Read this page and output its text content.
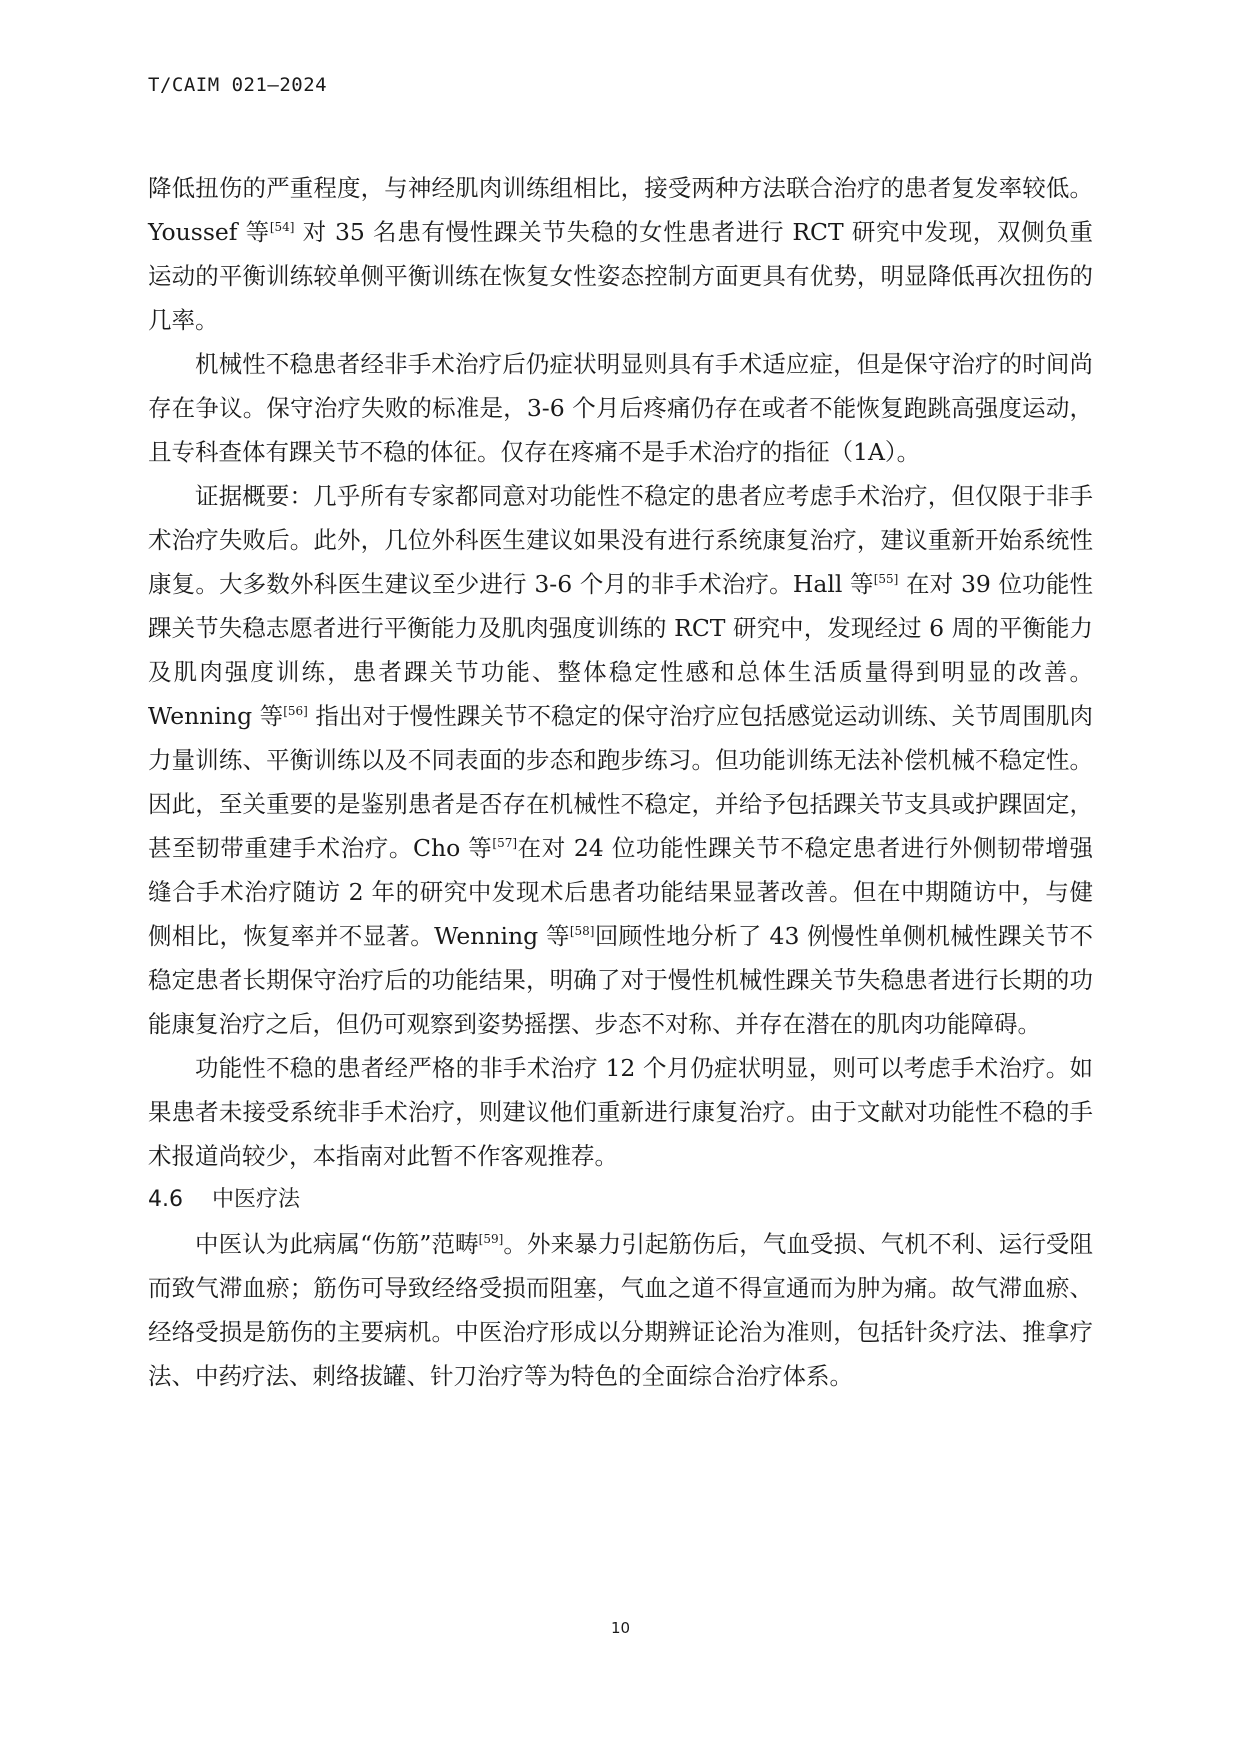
T/CAIM 021—2024

降低扭伤的严重程度，与神经肌肉训练组相比，接受两种方法联合治疗的患者复发率较低。Youssef 等[54] 对 35 名患有慢性踝关节失稳的女性患者进行 RCT 研究中发现，双侧负重运动的平衡训练较单侧平衡训练在恢复女性姿态控制方面更具有优势，明显降低再次扭伤的几率。

机械性不稳患者经非手术治疗后仍症状明显则具有手术适应症，但是保守治疗的时间尚存在争议。保守治疗失败的标准是，3-6 个月后疼痛仍存在或者不能恢复跑跳高强度运动，且专科查体有踝关节不稳的体征。仅存在疼痛不是手术治疗的指征（1A）。

证据概要：几乎所有专家都同意对功能性不稳定的患者应考虑手术治疗，但仅限于非手术治疗失败后。此外，几位外科医生建议如果没有进行系统康复治疗，建议重新开始系统性康复。大多数外科医生建议至少进行 3-6 个月的非手术治疗。Hall 等[55] 在对 39 位功能性踝关节失稳志愿者进行平衡能力及肌肉强度训练的 RCT 研究中，发现经过 6 周的平衡能力及肌肉强度训练，患者踝关节功能、整体稳定性感和总体生活质量得到明显的改善。Wenning 等[56] 指出对于慢性踝关节不稳定的保守治疗应包括感觉运动训练、关节周围肌肉力量训练、平衡训练以及不同表面的步态和跑步练习。但功能训练无法补偿机械不稳定性。因此，至关重要的是鉴别患者是否存在机械性不稳定，并给予包括踝关节支具或护踝固定，甚至韧带重建手术治疗。Cho 等[57]在对 24 位功能性踝关节不稳定患者进行外侧韧带增强缝合手术治疗随访 2 年的研究中发现术后患者功能结果显著改善。但在中期随访中，与健侧相比，恢复率并不显著。Wenning 等[58]回顾性地分析了 43 例慢性单侧机械性踝关节不稳定患者长期保守治疗后的功能结果，明确了对于慢性机械性踝关节失稳患者进行长期的功能康复治疗之后，但仍可观察到姿势摇摆、步态不对称、并存在潜在的肌肉功能障碍。

功能性不稳的患者经严格的非手术治疗 12 个月仍症状明显，则可以考虑手术治疗。如果患者未接受系统非手术治疗，则建议他们重新进行康复治疗。由于文献对功能性不稳的手术报道尚较少，本指南对此暂不作客观推荐。

4.6 中医疗法

中医认为此病属“伤筋”范畴[59]。外来暴力引起筋伤后，气血受损、气机不利、运行受阻而致气滞血瘀；筋伤可导致经络受损而阻塞，气血之道不得宣通而为肿为痛。故气滞血瘀、经络受损是筋伤的主要病机。中医治疗形成以分期辨证论治为准则，包括针灸疗法、推拿疗法、中药疗法、刺络拔罐、针刀治疗等为特色的全面综合治疗体系。

10
